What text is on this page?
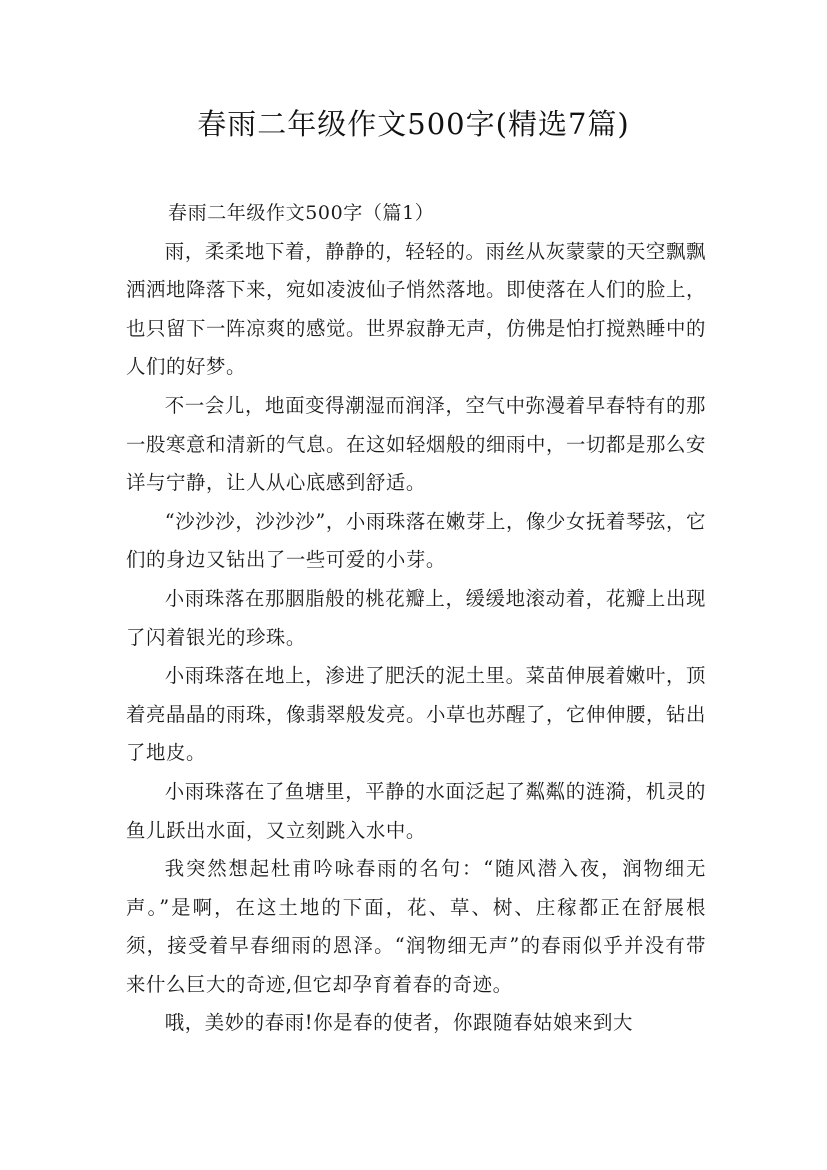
春雨二年级作文500字(精选7篇)
春雨二年级作文500字（篇1）

雨，柔柔地下着，静静的，轻轻的。雨丝从灰蒙蒙的天空飘飘洒洒地降落下来，宛如凌波仙子悄然落地。即使落在人们的脸上，也只留下一阵凉爽的感觉。世界寂静无声，仿佛是怕打搅熟睡中的人们的好梦。

不一会儿，地面变得潮湿而润泽，空气中弥漫着早春特有的那一股寒意和清新的气息。在这如轻烟般的细雨中，一切都是那么安详与宁静，让人从心底感到舒适。

“沙沙沙，沙沙沙”，小雨珠落在嫩芽上，像少女抚着琴弦，它们的身边又钻出了一些可爱的小芽。

小雨珠落在那胭脂般的桃花瓣上，缓缓地滚动着，花瓣上出现了闪着银光的珍珠。

小雨珠落在地上，渗进了肥沃的泥土里。菜苗伸展着嫩叶，顶着亮晶晶的雨珠，像翡翠般发亮。小草也苏醒了，它伸伸腰，钻出了地皮。

小雨珠落在了鱼塘里，平静的水面泛起了粼粼的涟漪，机灵的鱼儿跃出水面，又立刻跳入水中。

我突然想起杜甫吟咏春雨的名句：“随风潜入夜，润物细无声。”是啊，在这土地的下面，花、草、树、庄稼都正在舒展根须，接受着早春细雨的恩泽。“润物细无声”的春雨似乎并没有带来什么巨大的奇迹,但它却孕育着春的奇迹。

哦，美妙的春雨!你是春的使者，你跟随春姑娘来到大
